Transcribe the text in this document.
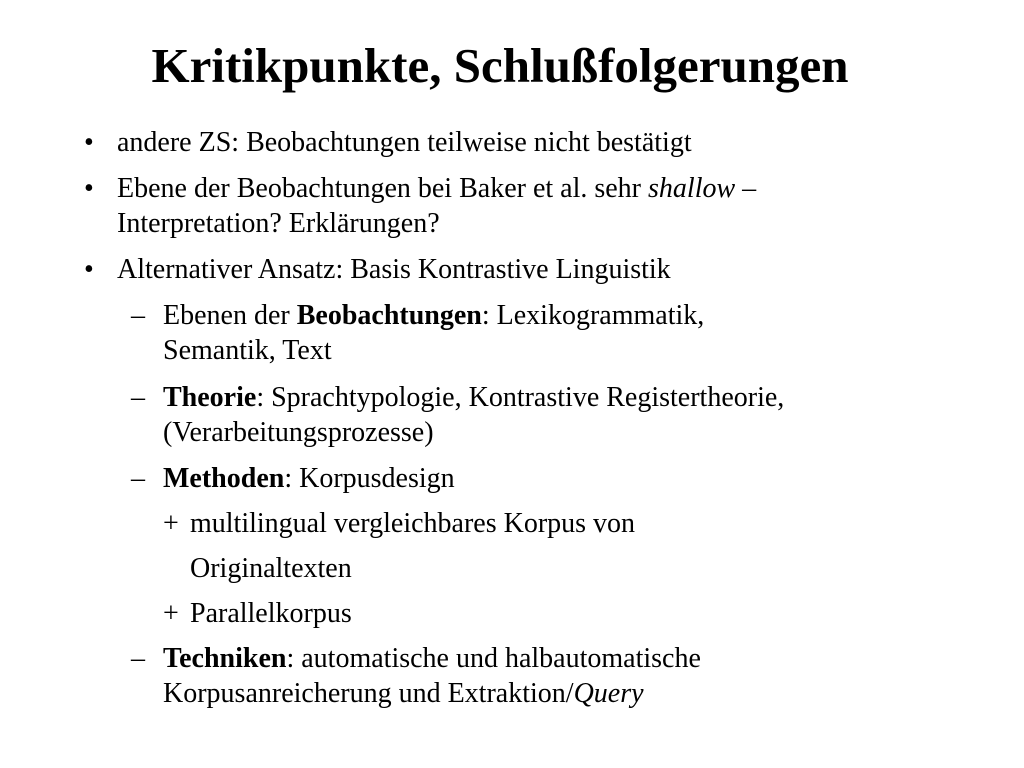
Kritikpunkte, Schlußfolgerungen
• andere ZS: Beobachtungen teilweise nicht bestätigt
• Ebene der Beobachtungen bei Baker et al. sehr shallow –
Interpretation? Erklärungen?
• Alternativer Ansatz: Basis Kontrastive Linguistik
– Ebenen der Beobachtungen: Lexikogrammatik,
Semantik, Text
– Theorie: Sprachtypologie, Kontrastive Registertheorie,
(Verarbeitungsprozesse)
– Methoden: Korpusdesign
+ multilingual vergleichbares Korpus von
Originaltexten
+ Parallelkorpus
– Techniken: automatische und halbautomatische
Korpusanreicherung und Extraktion/Query
